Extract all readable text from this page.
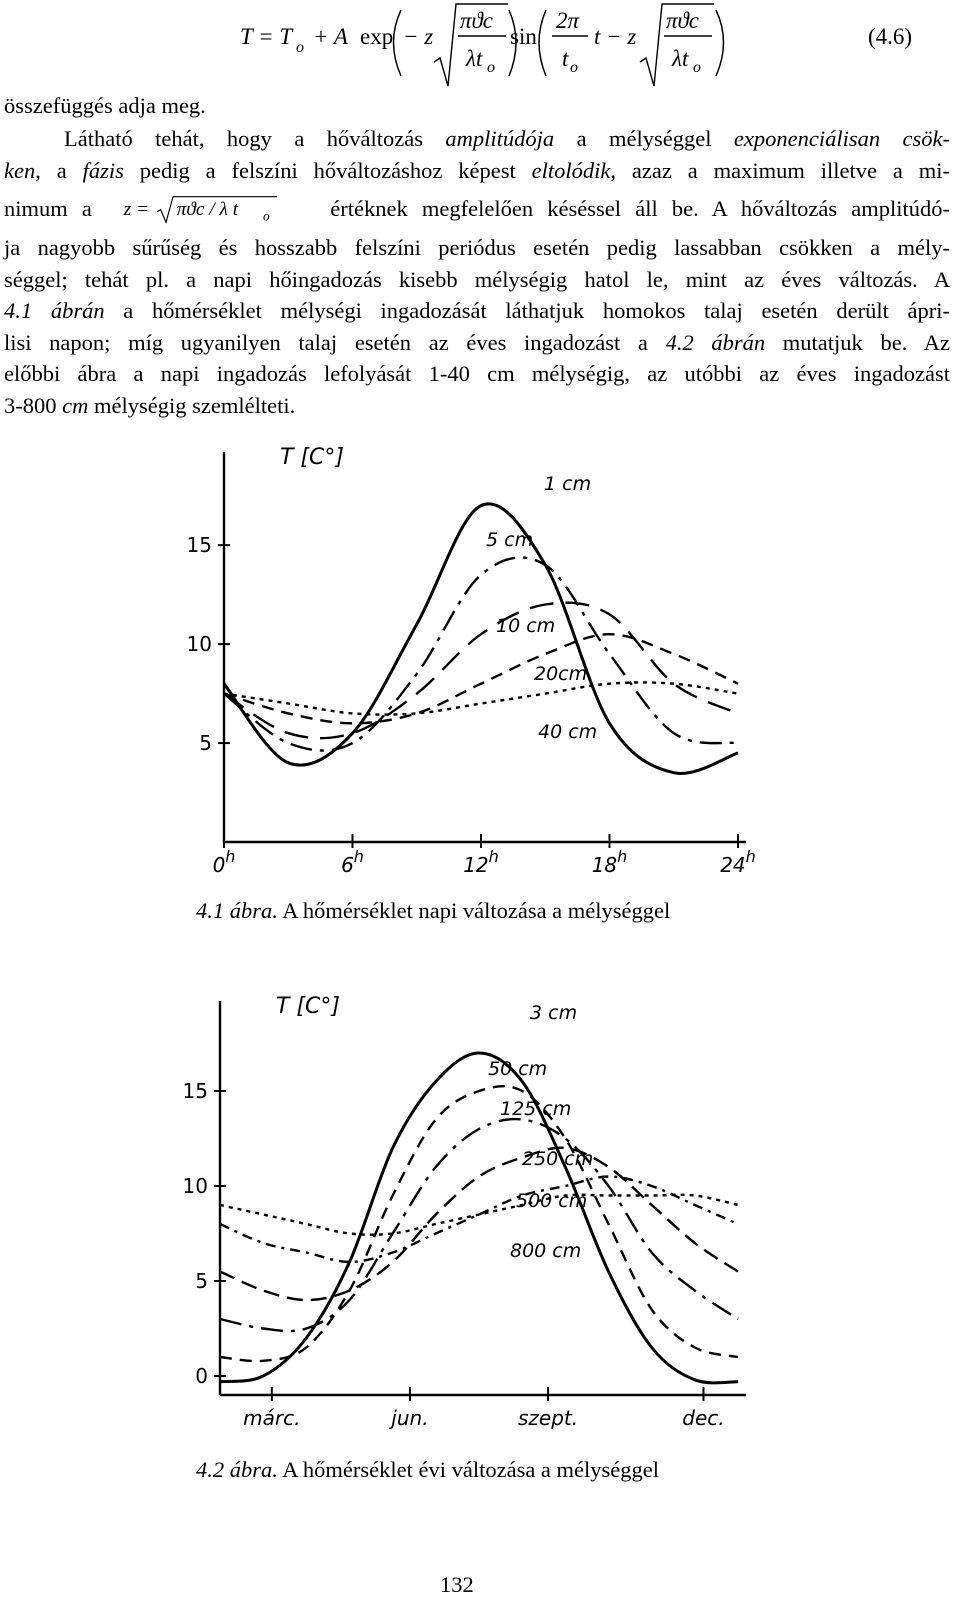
T = T o + A exp − z
πϑc
λt o
sin
2π
t o
t − z
πϑc
λt o
(4.6)
összefüggés adja meg.
Látható tehát, hogy a hőváltozás amplitúdója a mélységgel exponenciálisan csök-
ken, a fázis pedig a felszíni hőváltozáshoz képest eltolódik, azaz a maximum illetve a mi-
nimum a z = πϑc / λ t o értéknek megfelelően késéssel áll be. A hőváltozás amplitúdó-
ja nagyobb sűrűség és hosszabb felszíni periódus esetén pedig lassabban csökken a mély-
séggel; tehát pl. a napi hőingadozás kisebb mélységig hatol le, mint az éves változás. A
4.1 ábrán a hőmérséklet mélységi ingadozását láthatjuk homokos talaj esetén derült ápri-
lisi napon; míg ugyanilyen talaj esetén az éves ingadozást a 4.2 ábrán mutatjuk be. Az
előbbi ábra a napi ingadozás lefolyását 1-40 cm mélységig, az utóbbi az éves ingadozást
3-800 cm mélységig szemlélteti.
T [C°]
5
10
15
0$^h$	6$^h$	12$^h$	18$^h$	24$^h$
1 cm
5 cm
10 cm
20cm
40 cm
4.1 ábra. A hőmérséklet napi változása a mélységgel
T [C°]
0
5
10
15
márc.	jun.	szept.	dec.
3 cm
50 cm
125 cm
250 cm
500 cm
800 cm
4.2 ábra. A hőmérséklet évi változása a mélységgel
132
